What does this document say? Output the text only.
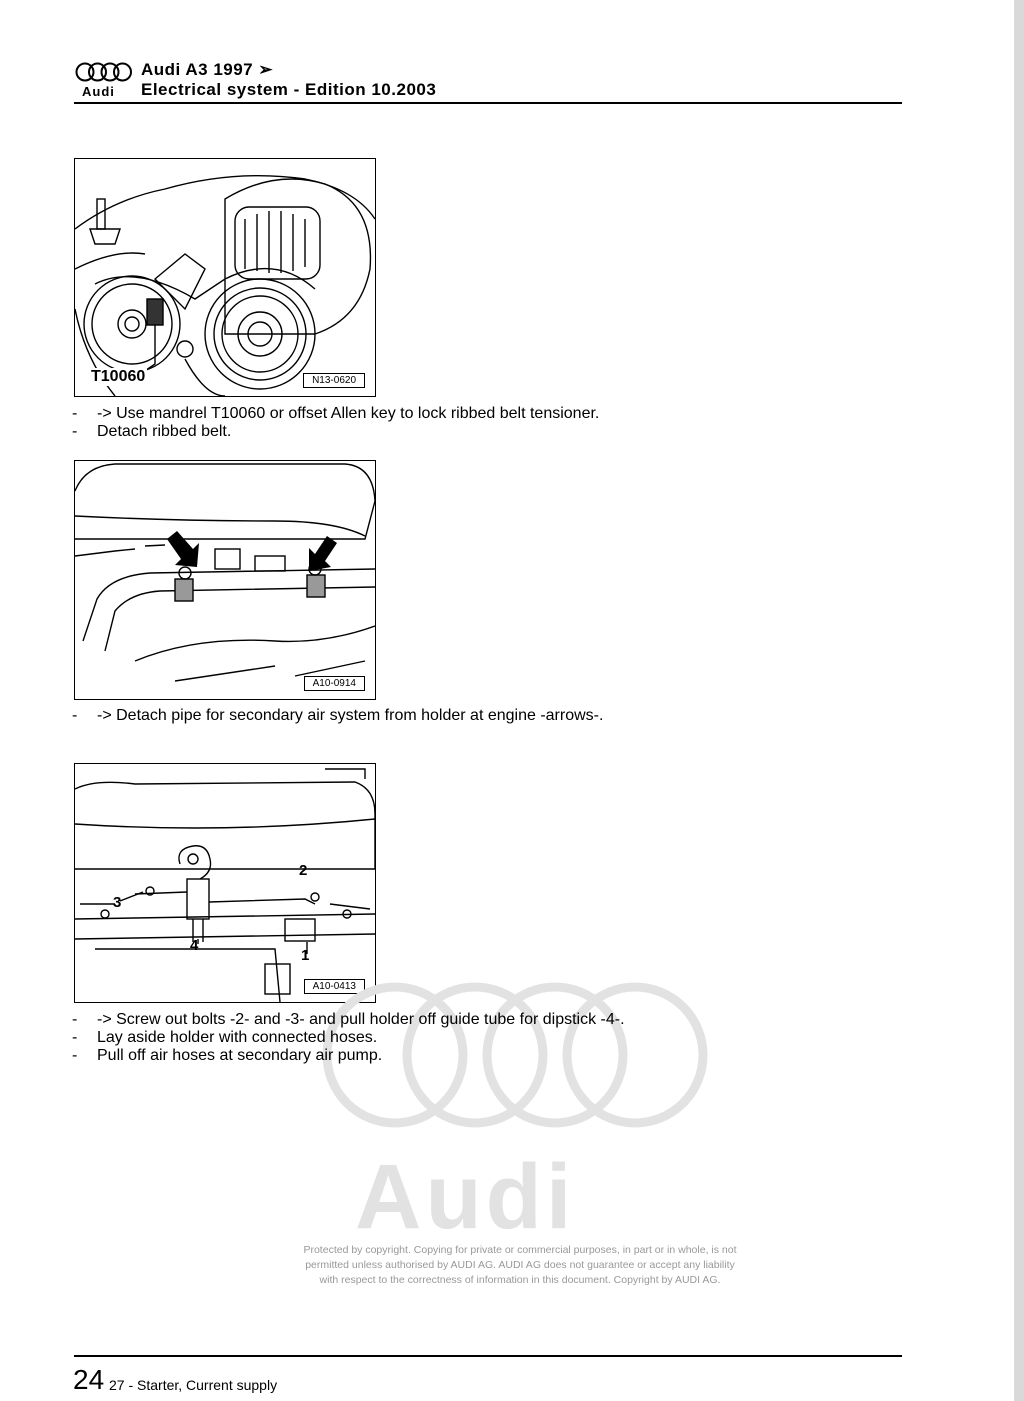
Audi
Audi A3 1997 ➢
Electrical system - Edition 10.2003
T10060	N13-0620
- -> Use mandrel T10060 or offset Allen key to lock ribbed belt tensioner.
- Detach ribbed belt.
A10-0914
- -> Detach pipe for secondary air system from holder at engine -arrows-.
2
3
4
1
A10-0413
Audi
- -> Screw out bolts -2- and -3- and pull holder off guide tube for dipstick -4-.
- Lay aside holder with connected hoses.
- Pull off air hoses at secondary air pump.
Protected by copyright. Copying for private or commercial purposes, in part or in whole, is not
permitted unless authorised by AUDI AG. AUDI AG does not guarantee or accept any liability
with respect to the correctness of information in this document. Copyright by AUDI AG.
24 27 - Starter, Current supply
